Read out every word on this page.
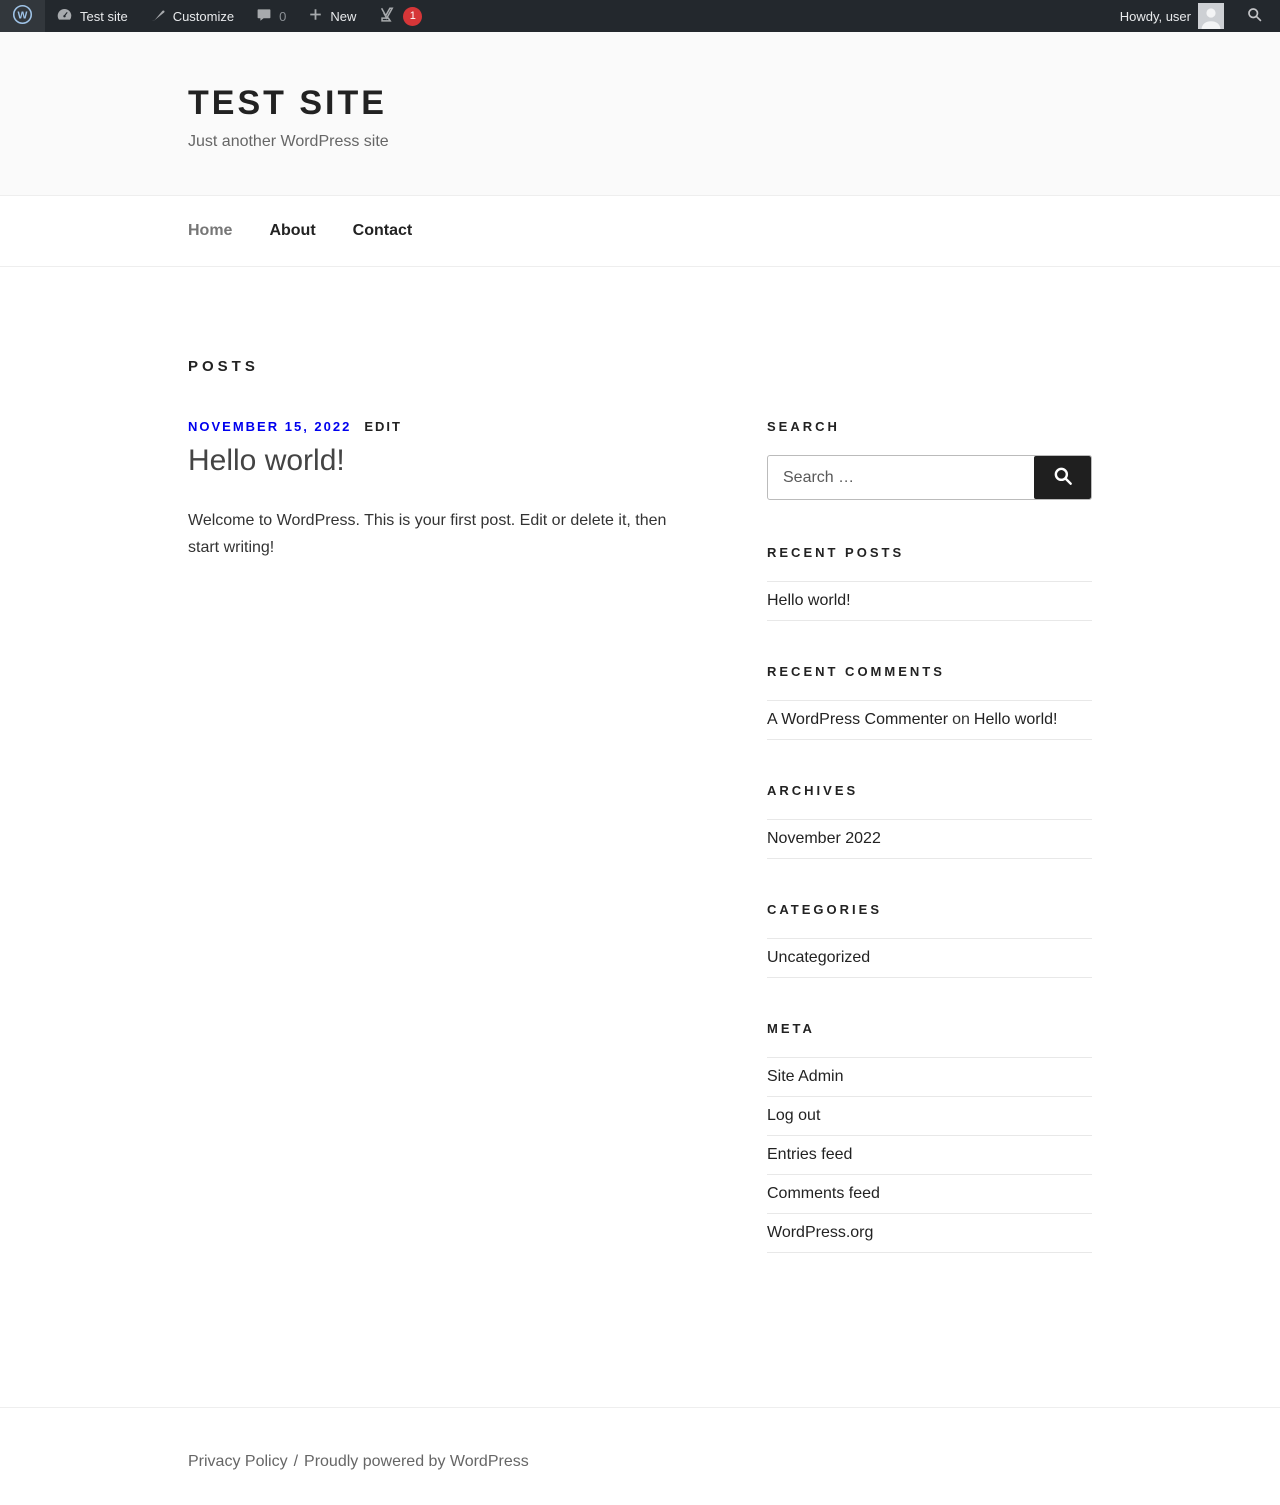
W	Test site	Customize	0	New	1	Howdy, user
TEST SITE

Just another WordPress site

Home About Contact
POSTS
NOVEMBER 15, 2022 EDIT
Hello world!

Welcome to WordPress. This is your first post. Edit or delete it, then start writing!

SEARCH
Search …
RECENT POSTS
Hello world!
RECENT COMMENTS
A WordPress Commenter on Hello world!
ARCHIVES
November 2022
CATEGORIES
Uncategorized
META
Site Admin
Log out
Entries feed
Comments feed
WordPress.org
Privacy Policy / Proudly powered by WordPress
